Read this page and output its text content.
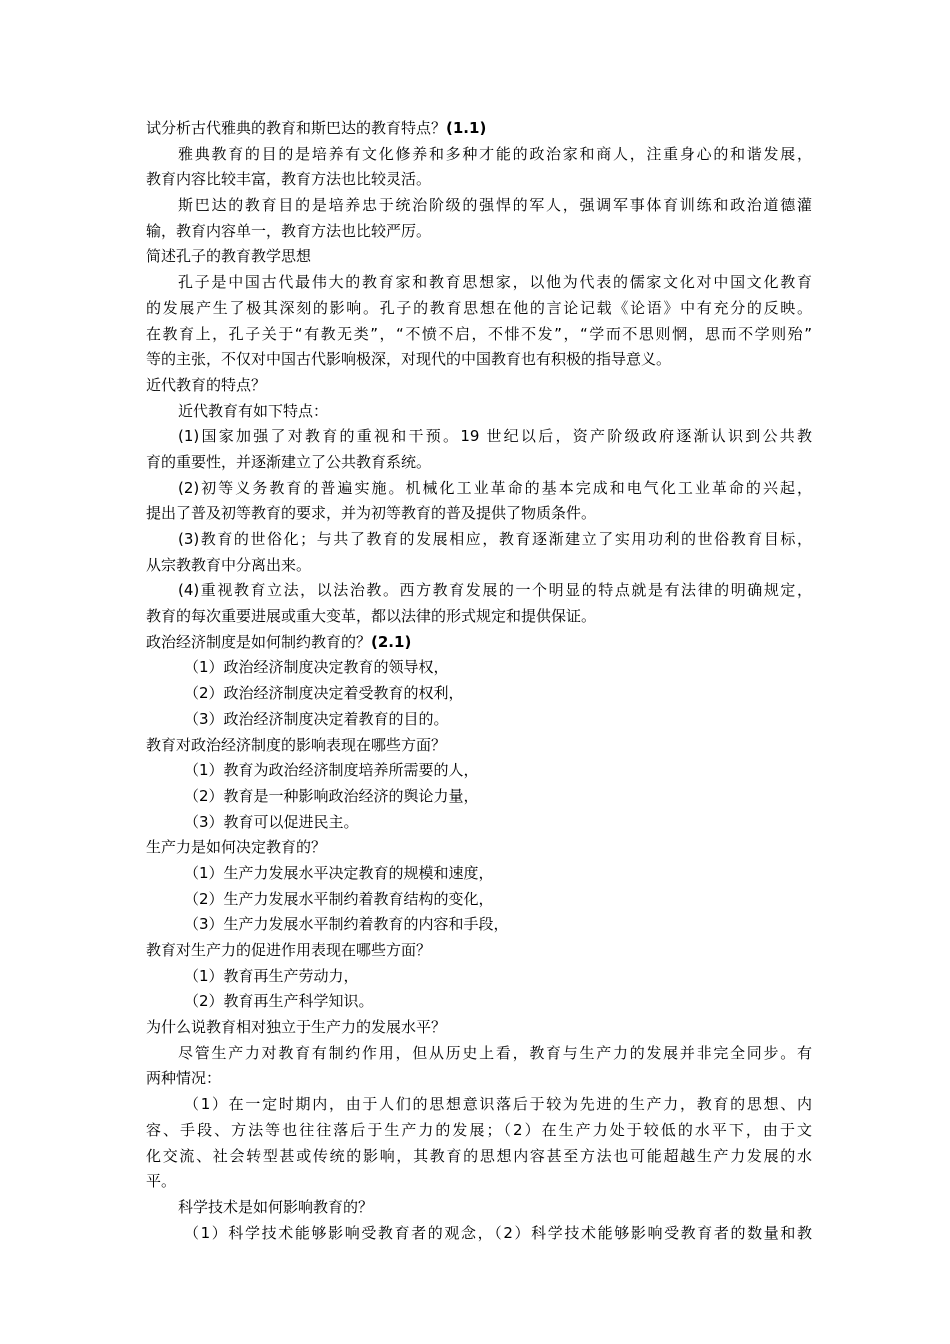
试分析古代雅典的教育和斯巴达的教育特点？(1.1)
雅典教育的目的是培养有文化修养和多种才能的政治家和商人，注重身心的和谐发展，
教育内容比较丰富，教育方法也比较灵活。
斯巴达的教育目的是培养忠于统治阶级的强悍的军人，强调军事体育训练和政治道德灌
输，教育内容单一，教育方法也比较严厉。
简述孔子的教育教学思想
孔子是中国古代最伟大的教育家和教育思想家，以他为代表的儒家文化对中国文化教育
的发展产生了极其深刻的影响。孔子的教育思想在他的言论记载《论语》中有充分的反映。
在教育上，孔子关于“有教无类”，“不愤不启，不悱不发”，“学而不思则惘，思而不学则殆”
等的主张，不仅对中国古代影响极深，对现代的中国教育也有积极的指导意义。
近代教育的特点？
近代教育有如下特点：
(1)国家加强了对教育的重视和干预。19 世纪以后，资产阶级政府逐渐认识到公共教
育的重要性，并逐渐建立了公共教育系统。
(2)初等义务教育的普遍实施。机械化工业革命的基本完成和电气化工业革命的兴起，
提出了普及初等教育的要求，并为初等教育的普及提供了物质条件。
(3)教育的世俗化；与共了教育的发展相应，教育逐渐建立了实用功利的世俗教育目标，
从宗教教育中分离出来。
(4)重视教育立法，以法治教。西方教育发展的一个明显的特点就是有法律的明确规定，
教育的每次重要进展或重大变革，都以法律的形式规定和提供保证。
政治经济制度是如何制约教育的？(2.1)
（1）政治经济制度决定教育的领导权，
（2）政治经济制度决定着受教育的权利，
（3）政治经济制度决定着教育的目的。
教育对政治经济制度的影响表现在哪些方面？
（1）教育为政治经济制度培养所需要的人，
（2）教育是一种影响政治经济的舆论力量，
（3）教育可以促进民主。
生产力是如何决定教育的？
（1）生产力发展水平决定教育的规模和速度，
（2）生产力发展水平制约着教育结构的变化，
（3）生产力发展水平制约着教育的内容和手段，
教育对生产力的促进作用表现在哪些方面？
（1）教育再生产劳动力，
（2）教育再生产科学知识。
为什么说教育相对独立于生产力的发展水平？
尽管生产力对教育有制约作用，但从历史上看，教育与生产力的发展并非完全同步。有
两种情况：
（1）在一定时期内，由于人们的思想意识落后于较为先进的生产力，教育的思想、内
容、手段、方法等也往往落后于生产力的发展；（2）在生产力处于较低的水平下，由于文
化交流、社会转型甚或传统的影响，其教育的思想内容甚至方法也可能超越生产力发展的水
平。
科学技术是如何影响教育的？
（1）科学技术能够影响受教育者的观念，（2）科学技术能够影响受教育者的数量和教
